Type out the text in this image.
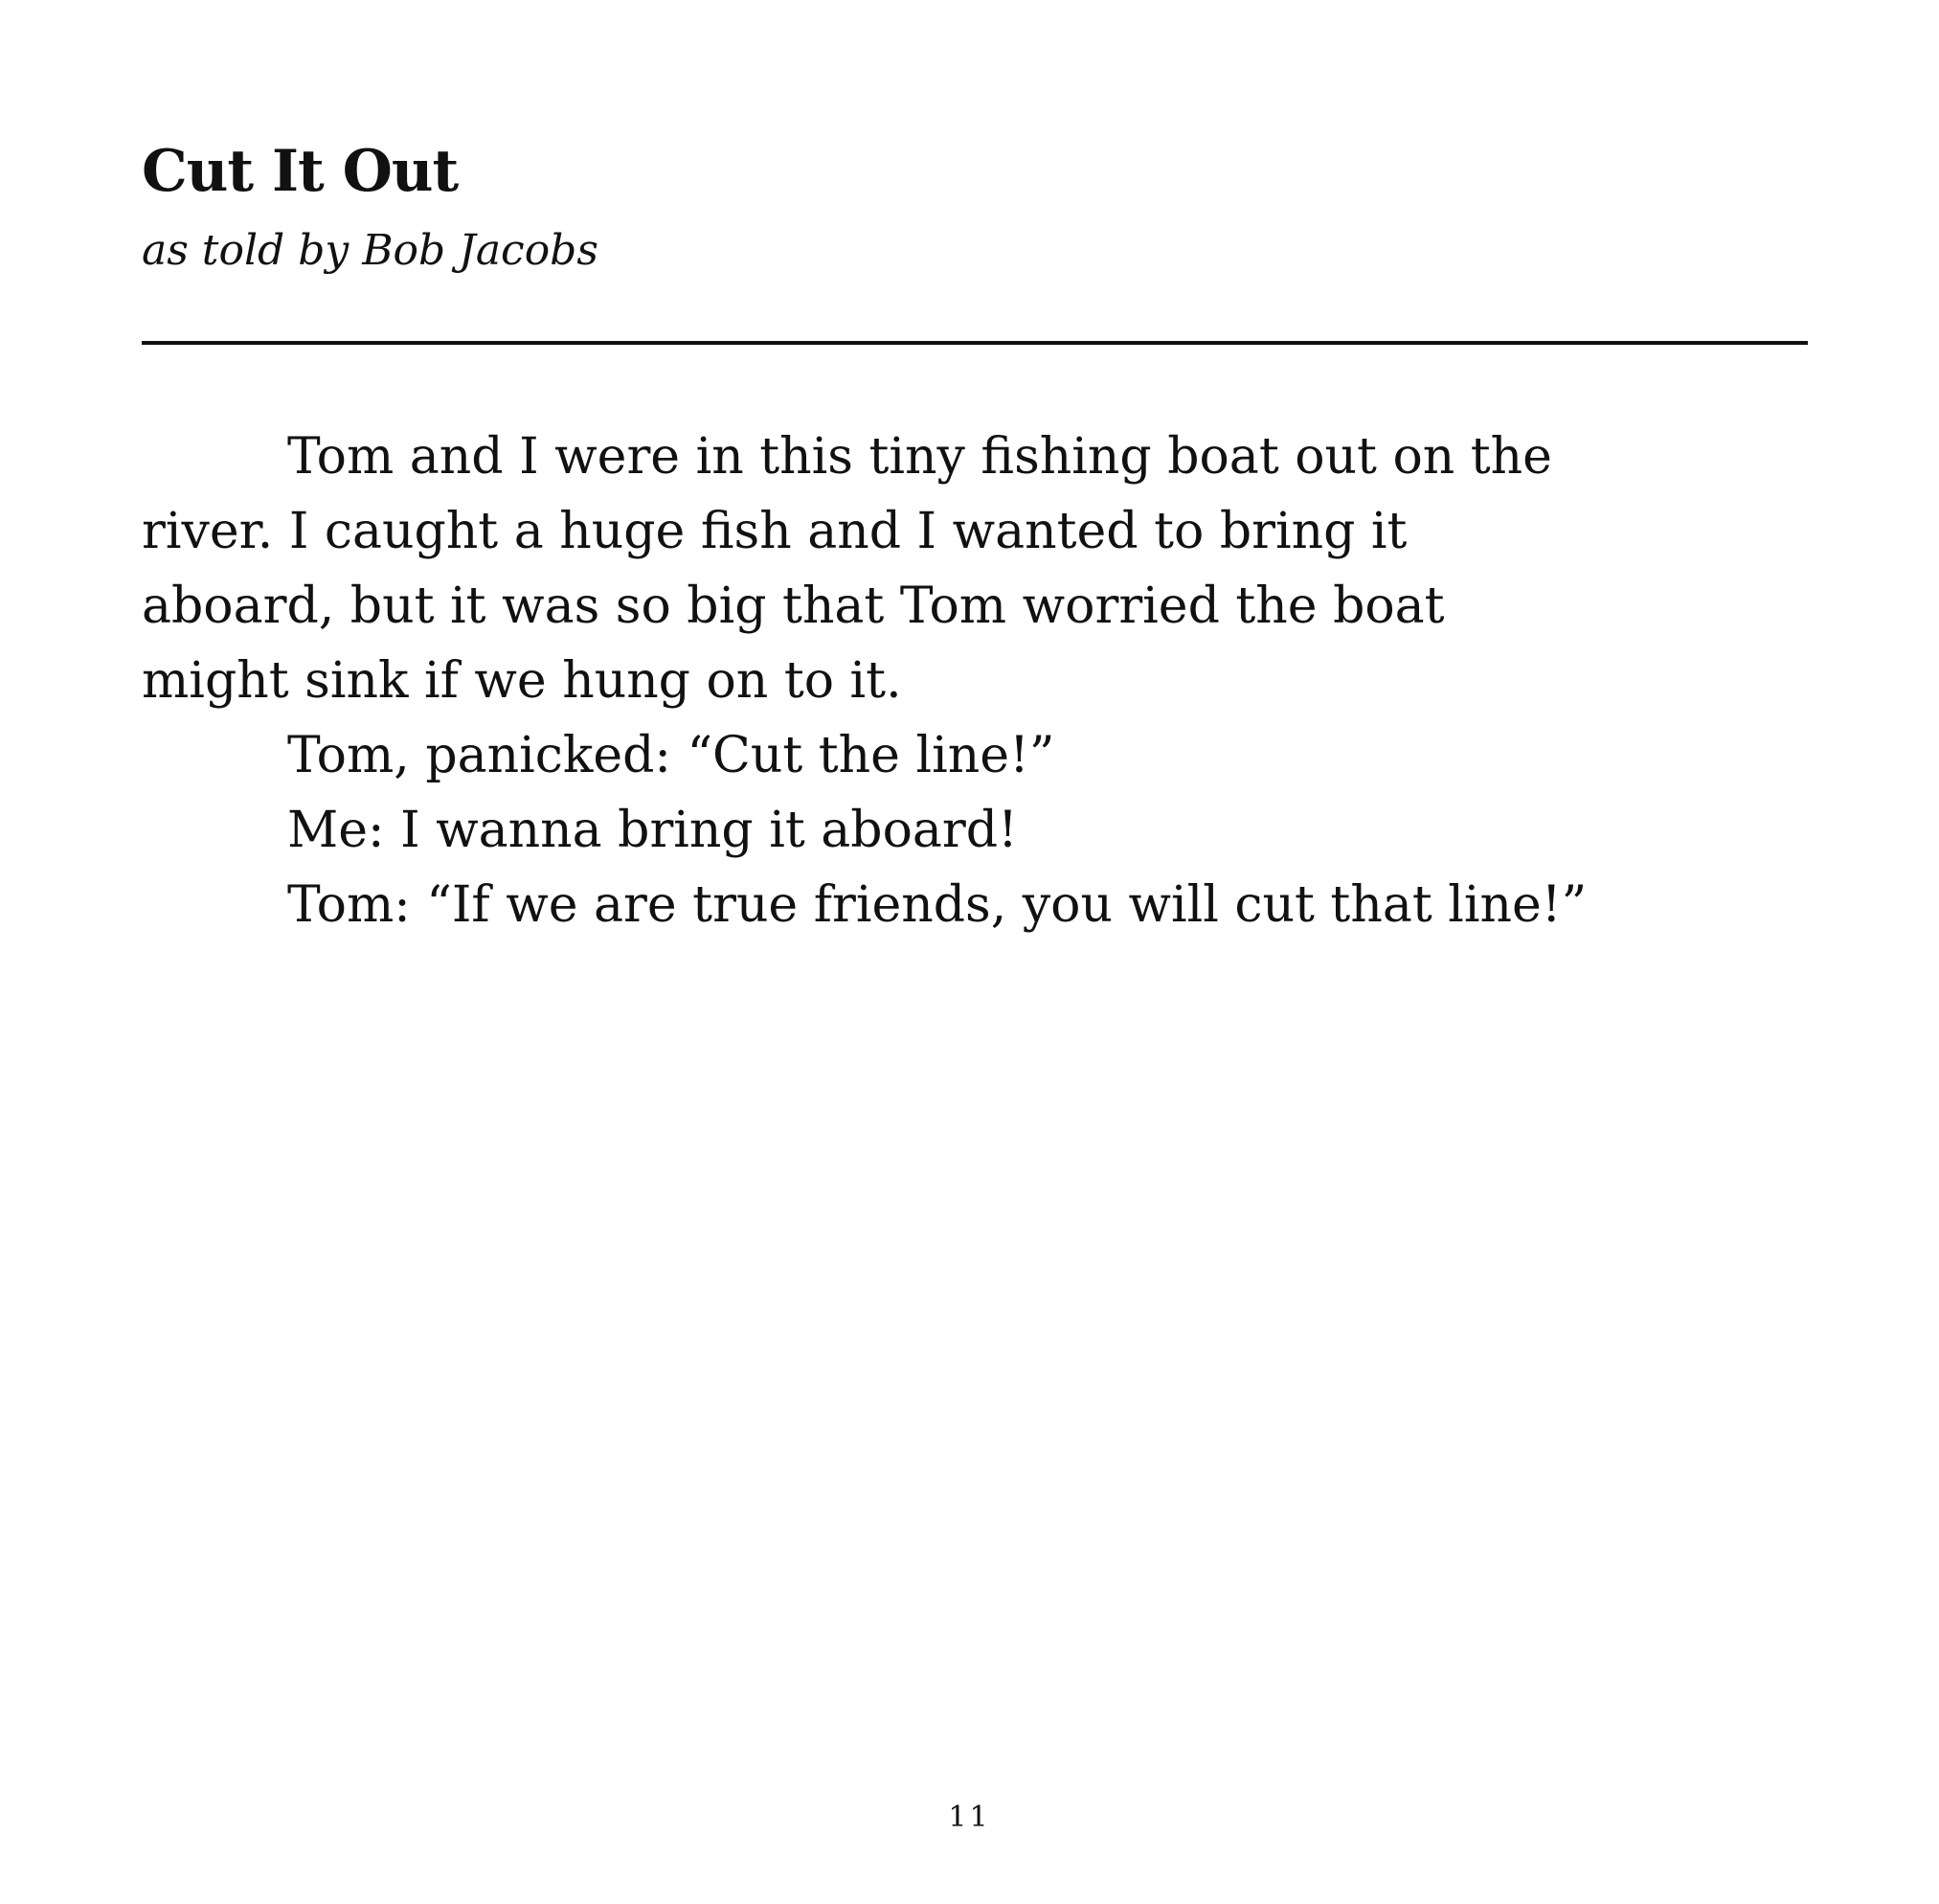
Cut It Out

as told by Bob Jacobs

Tom and I were in this tiny fishing boat out on the
river. I caught a huge fish and I wanted to bring it
aboard, but it was so big that Tom worried the boat
might sink if we hung on to it.
Tom, panicked: “Cut the line!”
Me: I wanna bring it aboard!
Tom: “If we are true friends, you will cut that line!”
11
